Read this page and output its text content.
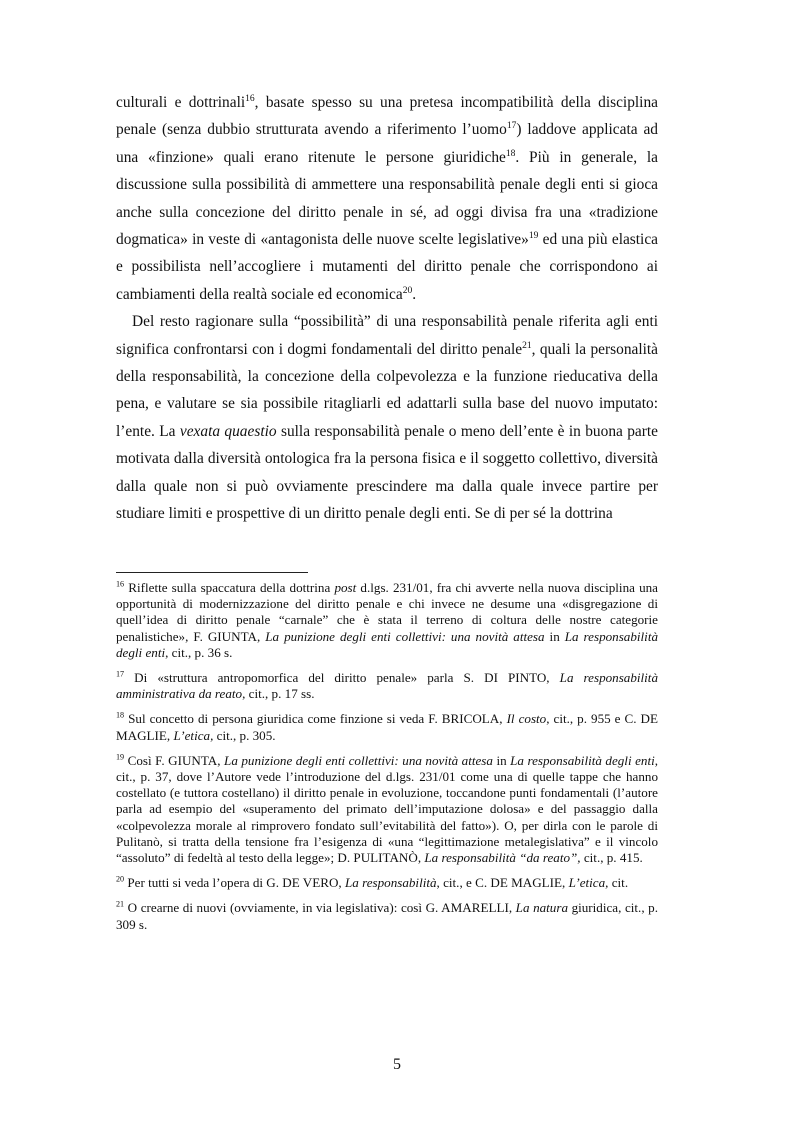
culturali e dottrinali$^{16}$, basate spesso su una pretesa incompatibilità della disciplina penale (senza dubbio strutturata avendo a riferimento l’uomo$^{17}$) laddove applicata ad una «finzione» quali erano ritenute le persone giuridiche$^{18}$. Più in generale, la discussione sulla possibilità di ammettere una responsabilità penale degli enti si gioca anche sulla concezione del diritto penale in sé, ad oggi divisa fra una «tradizione dogmatica» in veste di «antagonista delle nuove scelte legislative»$^{19}$ ed una più elastica e possibilista nell’accogliere i mutamenti del diritto penale che corrispondono ai cambiamenti della realtà sociale ed economica$^{20}$.

Del resto ragionare sulla “possibilità” di una responsabilità penale riferita agli enti significa confrontarsi con i dogmi fondamentali del diritto penale$^{21}$, quali la personalità della responsabilità, la concezione della colpevolezza e la funzione rieducativa della pena, e valutare se sia possibile ritagliarli ed adattarli sulla base del nuovo imputato: l’ente. La vexata quaestio sulla responsabilità penale o meno dell’ente è in buona parte motivata dalla diversità ontologica fra la persona fisica e il soggetto collettivo, diversità dalla quale non si può ovviamente prescindere ma dalla quale invece partire per studiare limiti e prospettive di un diritto penale degli enti. Se di per sé la dottrina

$^{16}$ Riflette sulla spaccatura della dottrina post d.lgs. 231/01, fra chi avverte nella nuova disciplina una opportunità di modernizzazione del diritto penale e chi invece ne desume una «disgregazione di quell’idea di diritto penale “carnale” che è stata il terreno di coltura delle nostre categorie penalistiche», F. GIUNTA, La punizione degli enti collettivi: una novità attesa in La responsabilità degli enti, cit., p. 36 s.

$^{17}$ Di «struttura antropomorfica del diritto penale» parla S. DI PINTO, La responsabilità amministrativa da reato, cit., p. 17 ss.

$^{18}$ Sul concetto di persona giuridica come finzione si veda F. BRICOLA, Il costo, cit., p. 955 e C. DE MAGLIE, L’etica, cit., p. 305.

$^{19}$ Così F. GIUNTA, La punizione degli enti collettivi: una novità attesa in La responsabilità degli enti, cit., p. 37, dove l’Autore vede l’introduzione del d.lgs. 231/01 come una di quelle tappe che hanno costellato (e tuttora costellano) il diritto penale in evoluzione, toccandone punti fondamentali (l’autore parla ad esempio del «superamento del primato dell’imputazione dolosa» e del passaggio dalla «colpevolezza morale al rimprovero fondato sull’evitabilità del fatto»). O, per dirla con le parole di Pulitanò, si tratta della tensione fra l’esigenza di «una “legittimazione metalegislativa” e il vincolo “assoluto” di fedeltà al testo della legge»; D. PULITANÒ, La responsabilità “da reato”, cit., p. 415.

$^{20}$ Per tutti si veda l’opera di G. DE VERO, La responsabilità, cit., e C. DE MAGLIE, L’etica, cit.

$^{21}$ O crearne di nuovi (ovviamente, in via legislativa): così G. AMARELLI, La natura giuridica, cit., p. 309 s.

5
